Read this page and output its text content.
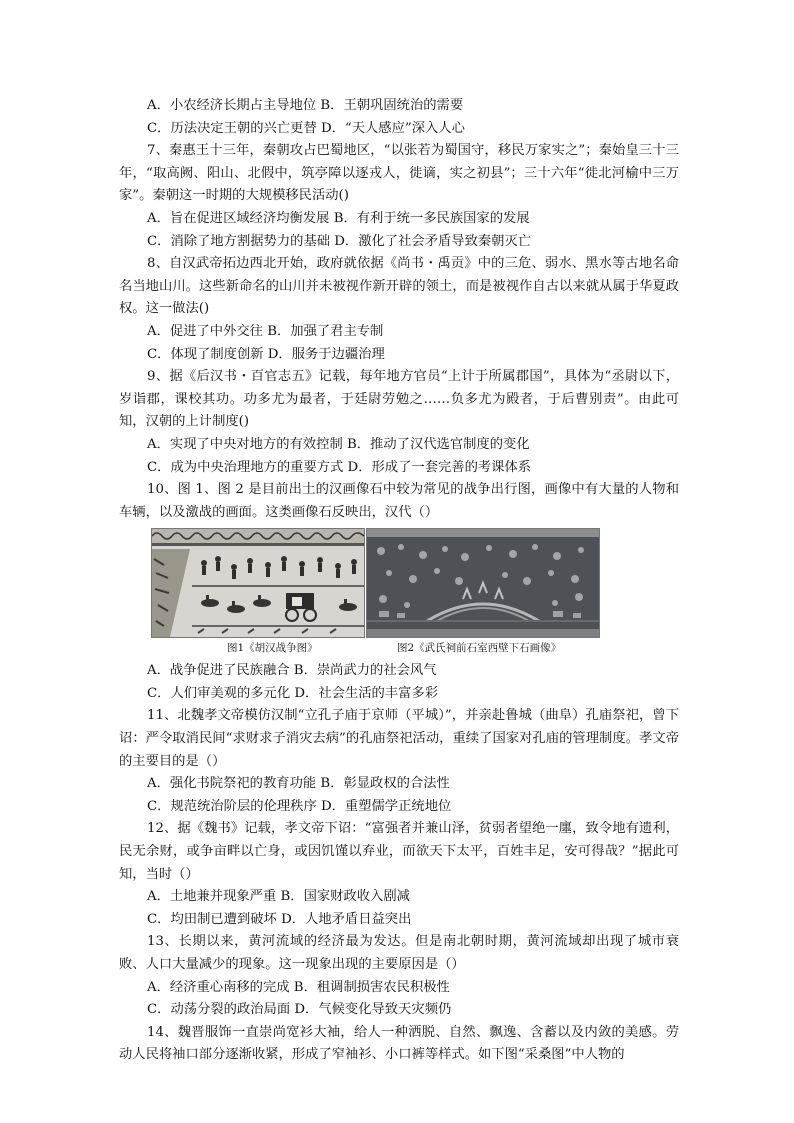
A．小农经济长期占主导地位 B．王朝巩固统治的需要
C．历法决定王朝的兴亡更替 D．“天人感应”深入人心
7、秦惠王十三年，秦朝攻占巴蜀地区，“以张若为蜀国守，移民万家实之”；秦始皇三十三年，“取高阙、阳山、北假中，筑亭障以逐戎人，徙谪，实之初县”；三十六年“徙北河榆中三万家”。秦朝这一时期的大规模移民活动()
A．旨在促进区域经济均衡发展 B．有利于统一多民族国家的发展
C．消除了地方割据势力的基础 D．激化了社会矛盾导致秦朝灭亡
8、自汉武帝拓边西北开始，政府就依据《尚书・禹贡》中的三危、弱水、黑水等古地名命名当地山川。这些新命名的山川并未被视作新开辟的领土，而是被视作自古以来就从属于华夏政权。这一做法()
A．促进了中外交往 B．加强了君主专制
C．体现了制度创新 D．服务于边疆治理
9、据《后汉书・百官志五》记载，每年地方官员“上计于所属郡国”，具体为“丞尉以下，岁诣郡，课校其功。功多尤为最者，于廷尉劳勉之……负多尤为殿者，于后曹别责”。由此可知，汉朝的上计制度()
A．实现了中央对地方的有效控制 B．推动了汉代选官制度的变化
C．成为中央治理地方的重要方式 D．形成了一套完善的考课体系
10、图 1、图 2 是目前出土的汉画像石中较为常见的战争出行图，画像中有大量的人物和车辆，以及激战的画面。这类画像石反映出，汉代（）
图1《胡汉战争图》	图2《武氏祠前石室西壁下石画像》
A．战争促进了民族融合 B．崇尚武力的社会风气
C．人们审美观的多元化 D．社会生活的丰富多彩
11、北魏孝文帝模仿汉制“立孔子庙于京师（平城）”，并亲赴鲁城（曲阜）孔庙祭祀，曾下诏：严令取消民间“求财求子消灾去病”的孔庙祭祀活动，重续了国家对孔庙的管理制度。孝文帝的主要目的是（）
A．强化书院祭祀的教育功能 B．彰显政权的合法性
C．规范统治阶层的伦理秩序 D．重塑儒学正统地位
12、据《魏书》记载，孝文帝下诏：“富强者并兼山泽，贫弱者望绝一廛，致令地有遗利，民无余财，或争亩畔以亡身，或因饥馑以弃业，而欲天下太平，百姓丰足，安可得哉？”据此可知，当时（）
A．土地兼并现象严重 B．国家财政收入剧减
C．均田制已遭到破坏 D．人地矛盾日益突出
13、长期以来，黄河流域的经济最为发达。但是南北朝时期，黄河流域却出现了城市衰败、人口大量减少的现象。这一现象出现的主要原因是（）
A．经济重心南移的完成 B．租调制损害农民积极性
C．动荡分裂的政治局面 D．气候变化导致天灾频仍
14、魏晋服饰一直崇尚宽衫大袖，给人一种洒脱、自然、飘逸、含蓄以及内敛的美感。劳动人民将袖口部分逐渐收紧，形成了窄袖衫、小口裤等样式。如下图“采桑图”中人物的
